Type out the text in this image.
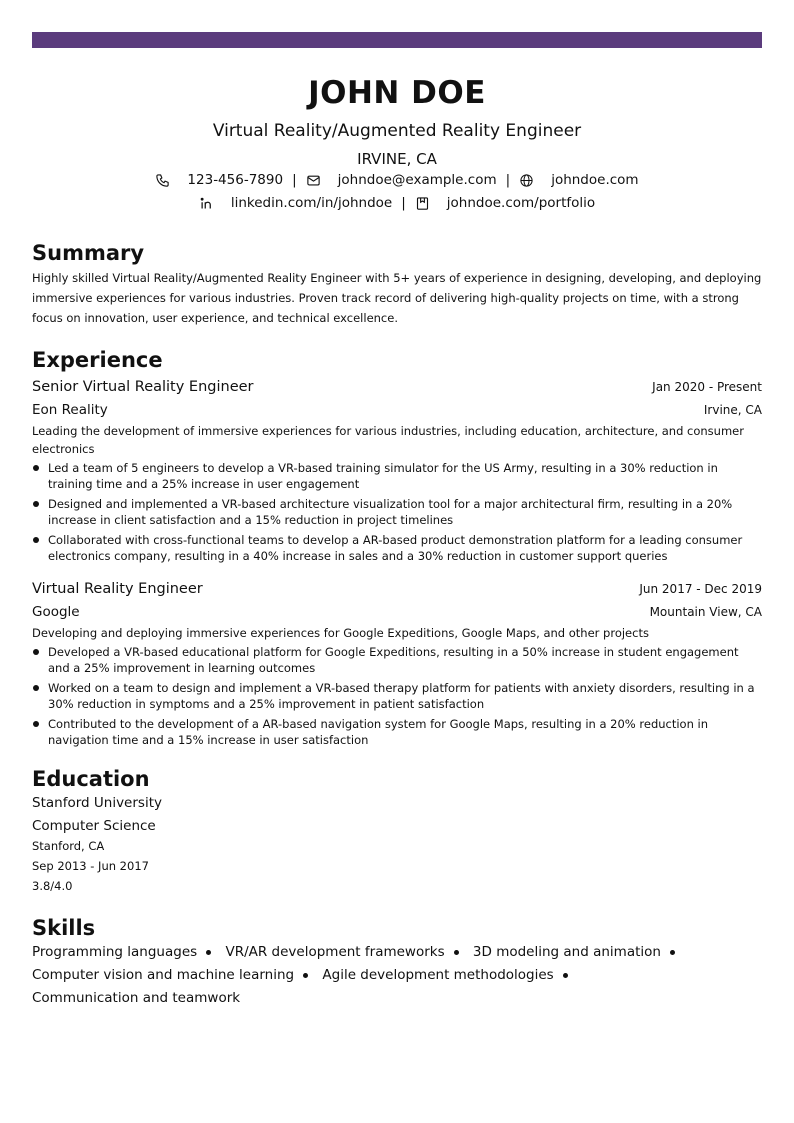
JOHN DOE
Virtual Reality/Augmented Reality Engineer
IRVINE, CA
123-456-7890 |	johndoe@example.com |	johndoe.com
linkedin.com/in/johndoe |	johndoe.com/portfolio
Summary
Highly skilled Virtual Reality/Augmented Reality Engineer with 5+ years of experience in designing, developing, and deploying immersive experiences for various industries. Proven track record of delivering high-quality projects on time, with a strong focus on innovation, user experience, and technical excellence.
Experience
Senior Virtual Reality Engineer	Jan 2020 - Present
Eon Reality	Irvine, CA
Leading the development of immersive experiences for various industries, including education, architecture, and consumer electronics
Led a team of 5 engineers to develop a VR-based training simulator for the US Army, resulting in a 30% reduction in training time and a 25% increase in user engagement
Designed and implemented a VR-based architecture visualization tool for a major architectural firm, resulting in a 20% increase in client satisfaction and a 15% reduction in project timelines
Collaborated with cross-functional teams to develop a AR-based product demonstration platform for a leading consumer electronics company, resulting in a 40% increase in sales and a 30% reduction in customer support queries
Virtual Reality Engineer	Jun 2017 - Dec 2019
Google	Mountain View, CA
Developing and deploying immersive experiences for Google Expeditions, Google Maps, and other projects
Developed a VR-based educational platform for Google Expeditions, resulting in a 50% increase in student engagement and a 25% improvement in learning outcomes
Worked on a team to design and implement a VR-based therapy platform for patients with anxiety disorders, resulting in a 30% reduction in symptoms and a 25% improvement in patient satisfaction
Contributed to the development of a AR-based navigation system for Google Maps, resulting in a 20% reduction in navigation time and a 15% increase in user satisfaction
Education
Stanford University
Computer Science
Stanford, CA
Sep 2013 - Jun 2017
3.8/4.0
Skills
Programming languages VR/AR development frameworks 3D modeling and animation
Computer vision and machine learning Agile development methodologies Communication and teamwork
